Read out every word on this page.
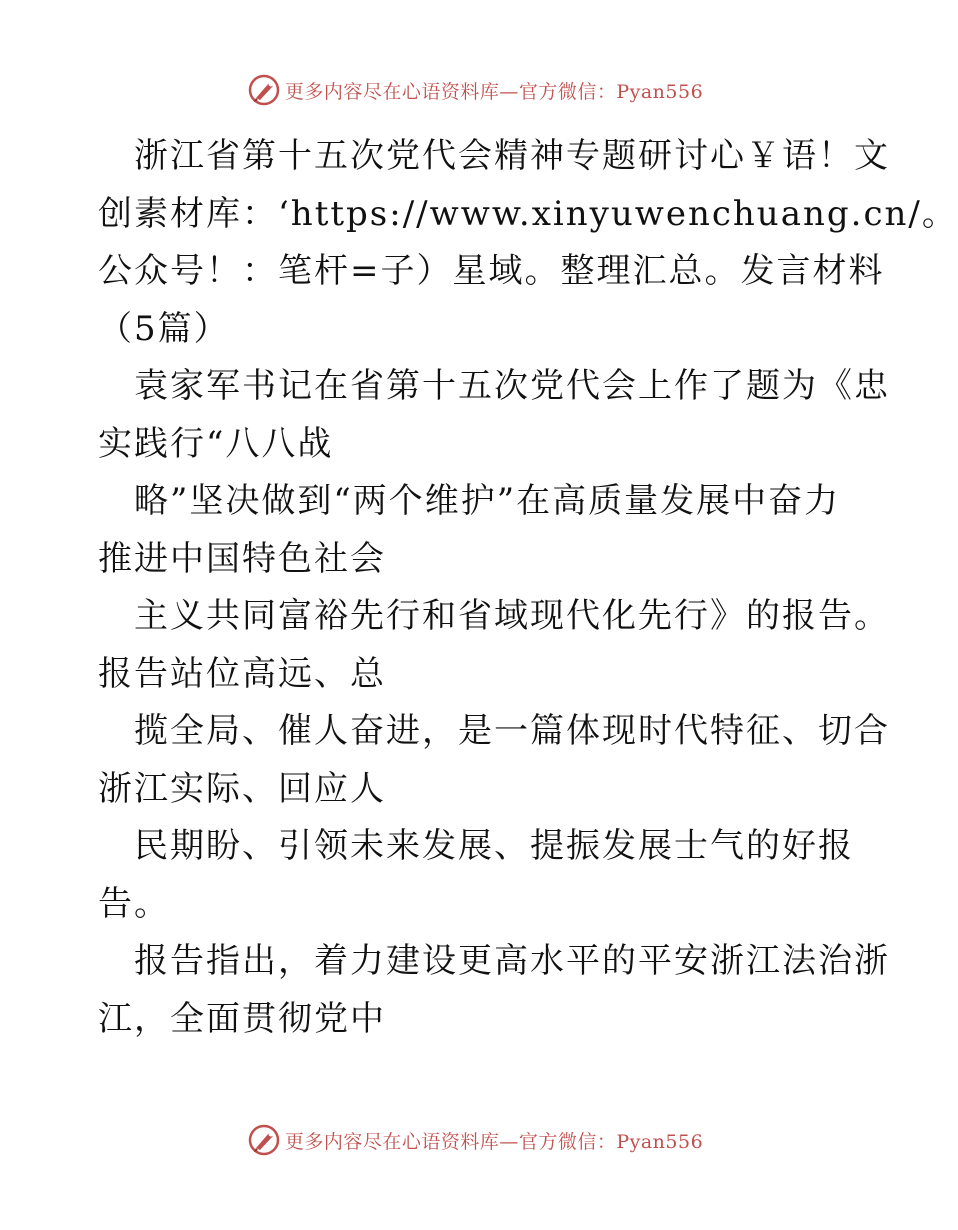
更多内容尽在心语资料库—官方微信：Pyan556
浙江省第十五次党代会精神专题研讨心￥语！文
创素材库：‘https://www.xinyuwenchuang.cn/。
公众号！：笔杆=子）星域。整理汇总。发言材料
（5篇）
袁家军书记在省第十五次党代会上作了题为《忠
实践行“八八战
略”坚决做到“两个维护”在高质量发展中奋力
推进中国特色社会
主义共同富裕先行和省域现代化先行》的报告。
报告站位高远、总
揽全局、催人奋进，是一篇体现时代特征、切合
浙江实际、回应人
民期盼、引领未来发展、提振发展士气的好报
告。
报告指出，着力建设更高水平的平安浙江法治浙
江，全面贯彻党中
更多内容尽在心语资料库—官方微信：Pyan556
